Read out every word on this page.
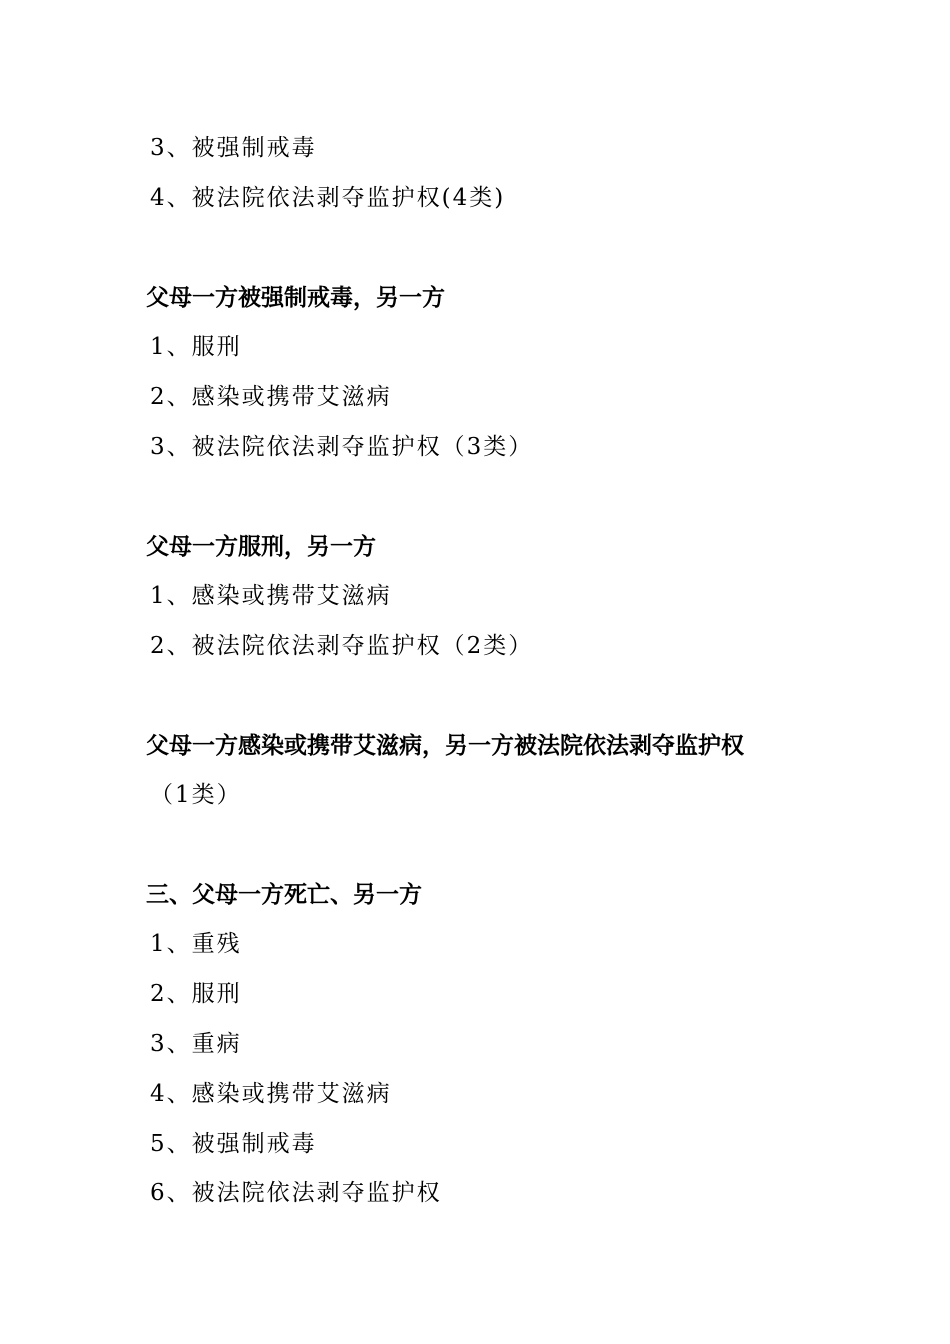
3、被强制戒毒
4、被法院依法剥夺监护权(4类)
父母一方被强制戒毒，另一方
1、服刑
2、感染或携带艾滋病
3、被法院依法剥夺监护权（3类）
父母一方服刑，另一方
1、感染或携带艾滋病
2、被法院依法剥夺监护权（2类）
父母一方感染或携带艾滋病，另一方被法院依法剥夺监护权
（1类）
三、父母一方死亡、另一方
1、重残
2、服刑
3、重病
4、感染或携带艾滋病
5、被强制戒毒
6、被法院依法剥夺监护权
